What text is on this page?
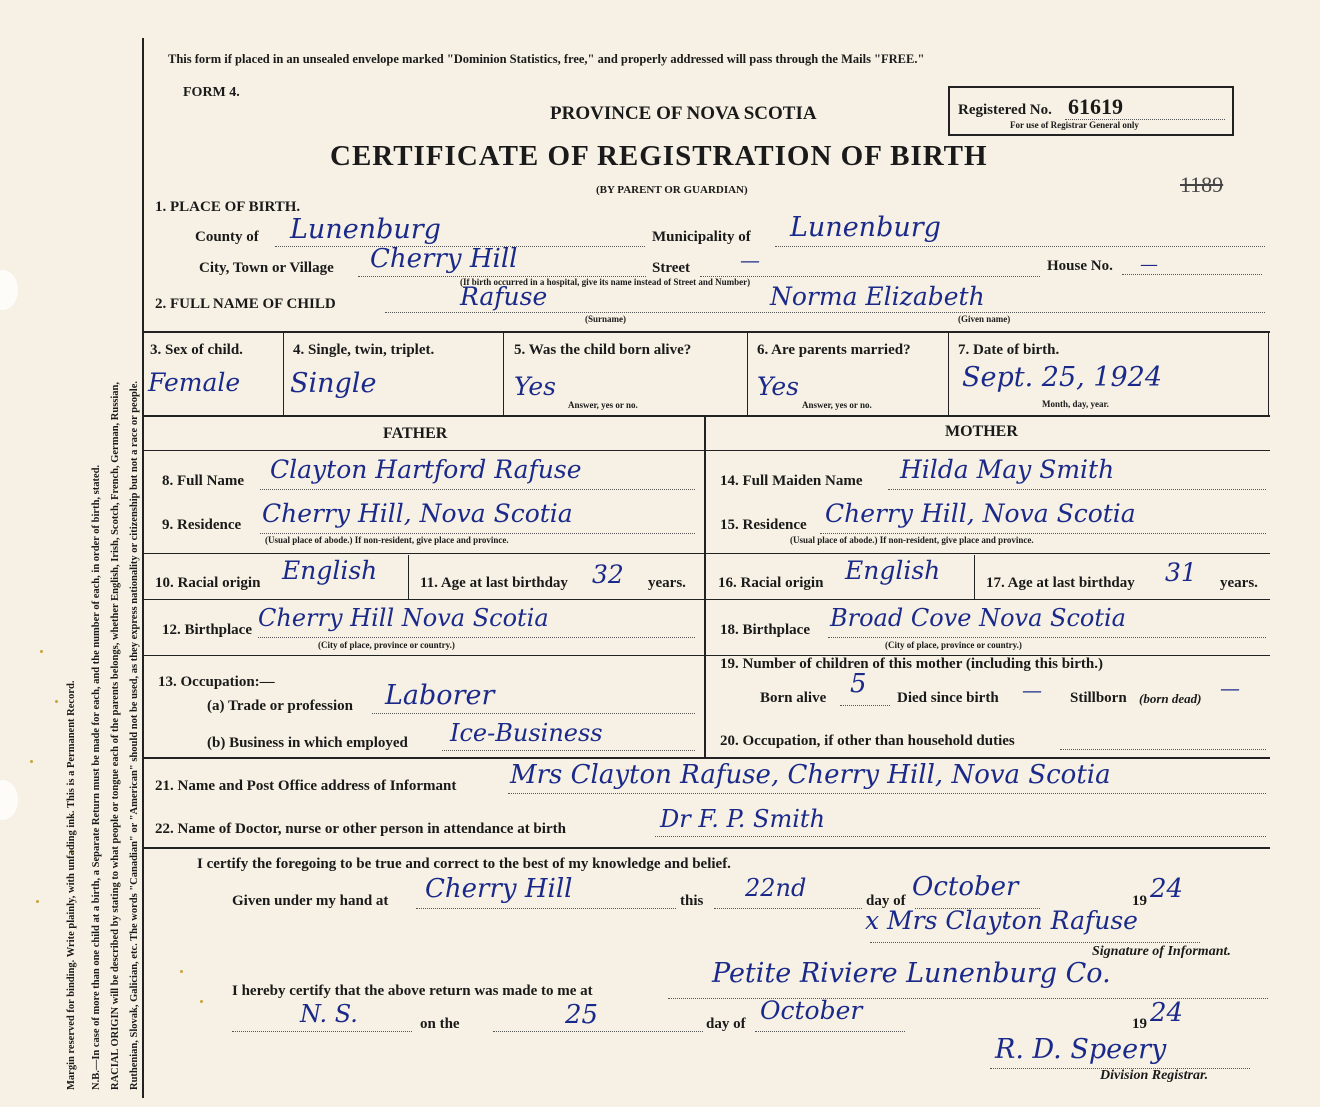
Margin reserved for binding. Write plainly, with unfading ink. This is a Permanent Record. N.B.—In case of more than one child at a birth, a Separate Return must be made for each, and the number of each, in order of birth, stated. RACIAL ORIGIN will be described by stating to what people or tongue each of the parents belongs, whether English, Irish, Scotch, French, German, Russian, Ruthenian, Slovak, Galician, etc. The words "Canadian" or "American" should not be used, as they express nationality or citizenship but not a race or people.
This form if placed in an unsealed envelope marked "Dominion Statistics, free," and properly addressed will pass through the Mails "FREE."
FORM 4.
PROVINCE OF NOVA SCOTIA
CERTIFICATE OF REGISTRATION OF BIRTH
(BY PARENT OR GUARDIAN)
Registered No. 61619
For use of Registrar General only
1189
1. PLACE OF BIRTH.
County of Lunenburg	Municipality of Lunenburg
City, Town or Village Cherry Hill	Street —	House No. —
(If birth occurred in a hospital, give its name instead of Street and Number)
2. FULL NAME OF CHILD	Rafuse	Norma Elizabeth
(Surname)	(Given name)
3. Sex of child.
Female
4. Single, twin, triplet.
Single
5. Was the child born alive?
Yes
Answer, yes or no.
6. Are parents married?
Yes
Answer, yes or no.
7. Date of birth.
Sept. 25, 1924
Month, day, year.
FATHER	MOTHER
8. Full Name Clayton Hartford Rafuse
9. Residence Cherry Hill, Nova Scotia
(Usual place of abode.) If non-resident, give place and province.
10. Racial origin English	11. Age at last birthday 32 years.
12. Birthplace Cherry Hill Nova Scotia
(City of place, province or country.)
13. Occupation:—
(a) Trade or profession Laborer
(b) Business in which employed Ice-Business
14. Full Maiden Name Hilda May Smith
15. Residence Cherry Hill, Nova Scotia
(Usual place of abode.) If non-resident, give place and province.
16. Racial origin English	17. Age at last birthday 31 years.
18. Birthplace Broad Cove Nova Scotia
(City of place, province or country.)
19. Number of children of this mother (including this birth.)
Born alive 5 Died since birth — Stillborn (born dead) —
20. Occupation, if other than household duties
21. Name and Post Office address of Informant Mrs Clayton Rafuse, Cherry Hill, Nova Scotia
22. Name of Doctor, nurse or other person in attendance at birth	Dr F. P. Smith
I certify the foregoing to be true and correct to the best of my knowledge and belief.
Given under my hand at Cherry Hill	this 22nd	day of October	19 24
x Mrs Clayton Rafuse
Signature of Informant.
I hereby certify that the above return was made to me at
Petite Riviere Lunenburg Co.
N. S.	on the	25	day of October	19 24
R. D. Speery
Division Registrar.
